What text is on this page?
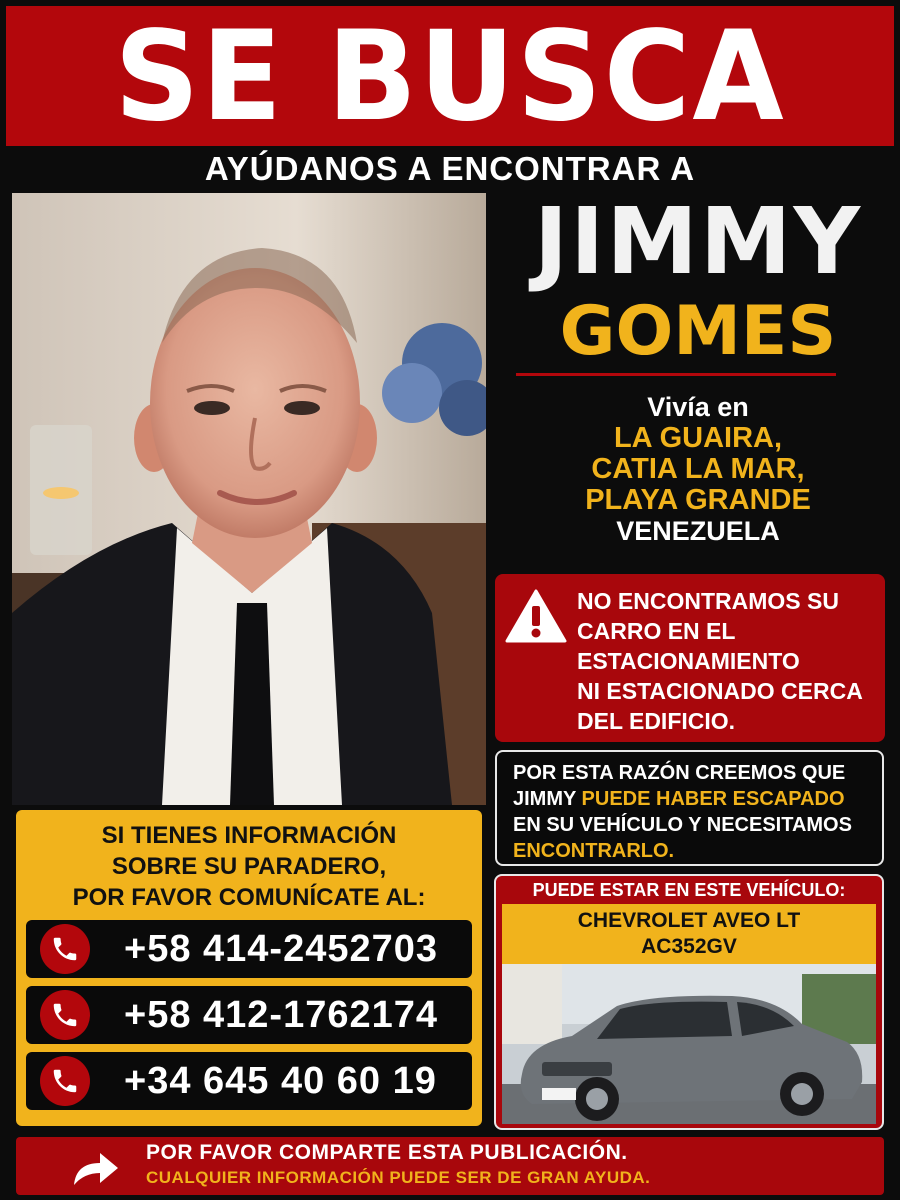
SE BUSCA
AYÚDANOS A ENCONTRAR A
JIMMY
GOMES
Vivía en
LA GUAIRA,
CATIA LA MAR,
PLAYA GRANDE
VENEZUELA
NO ENCONTRAMOS SU
CARRO EN EL
ESTACIONAMIENTO
NI ESTACIONADO CERCA
DEL EDIFICIO.
POR ESTA RAZÓN CREEMOS QUE JIMMY PUEDE HABER ESCAPADO EN SU VEHÍCULO Y NECESITAMOS ENCONTRARLO.
SI TIENES INFORMACIÓN
SOBRE SU PARADERO,
POR FAVOR COMUNÍCATE AL:
+58 414-2452703
+58 412-1762174
+34 645 40 60 19
PUEDE ESTAR EN ESTE VEHÍCULO:
CHEVROLET AVEO LT
AC352GV
POR FAVOR COMPARTE ESTA PUBLICACIÓN.
CUALQUIER INFORMACIÓN PUEDE SER DE GRAN AYUDA.
